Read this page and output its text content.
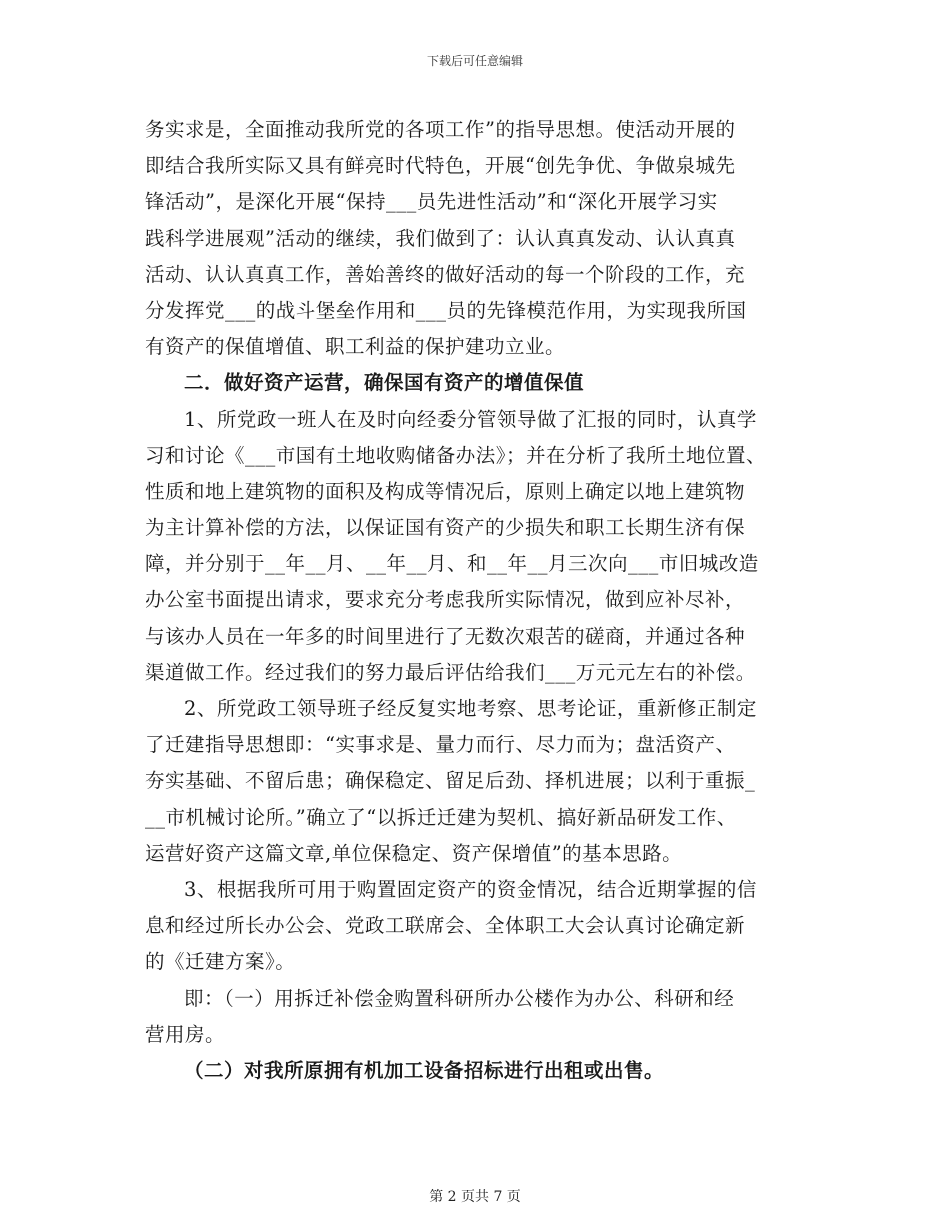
下载后可任意编辑
务实求是，全面推动我所党的各项工作”的指导思想。使活动开展的
即结合我所实际又具有鲜亮时代特色，开展“创先争优、争做泉城先
锋活动”，是深化开展“保持___员先进性活动”和“深化开展学习实
践科学进展观”活动的继续，我们做到了：认认真真发动、认认真真
活动、认认真真工作，善始善终的做好活动的每一个阶段的工作，充
分发挥党___的战斗堡垒作用和___员的先锋模范作用，为实现我所国
有资产的保值增值、职工利益的保护建功立业。
二．做好资产运营，确保国有资产的增值保值
1、所党政一班人在及时向经委分管领导做了汇报的同时，认真学
习和讨论《___市国有土地收购储备办法》；并在分析了我所土地位置、
性质和地上建筑物的面积及构成等情况后，原则上确定以地上建筑物
为主计算补偿的方法，以保证国有资产的少损失和职工长期生济有保
障，并分别于__年__月、__年__月、和__年__月三次向___市旧城改造
办公室书面提出请求，要求充分考虑我所实际情况，做到应补尽补，
与该办人员在一年多的时间里进行了无数次艰苦的磋商，并通过各种
渠道做工作。经过我们的努力最后评估给我们___万元元左右的补偿。
2、所党政工领导班子经反复实地考察、思考论证，重新修正制定
了迁建指导思想即：“实事求是、量力而行、尽力而为；盘活资产、
夯实基础、不留后患；确保稳定、留足后劲、择机进展；以利于重振_
__市机械讨论所。”确立了“以拆迁迁建为契机、搞好新品研发工作、
运营好资产这篇文章,单位保稳定、资产保增值”的基本思路。
3、根据我所可用于购置固定资产的资金情况，结合近期掌握的信
息和经过所长办公会、党政工联席会、全体职工大会认真讨论确定新
的《迁建方案》。
即：（一）用拆迁补偿金购置科研所办公楼作为办公、科研和经
营用房。
（二）对我所原拥有机加工设备招标进行出租或出售。
第 2 页共 7 页
